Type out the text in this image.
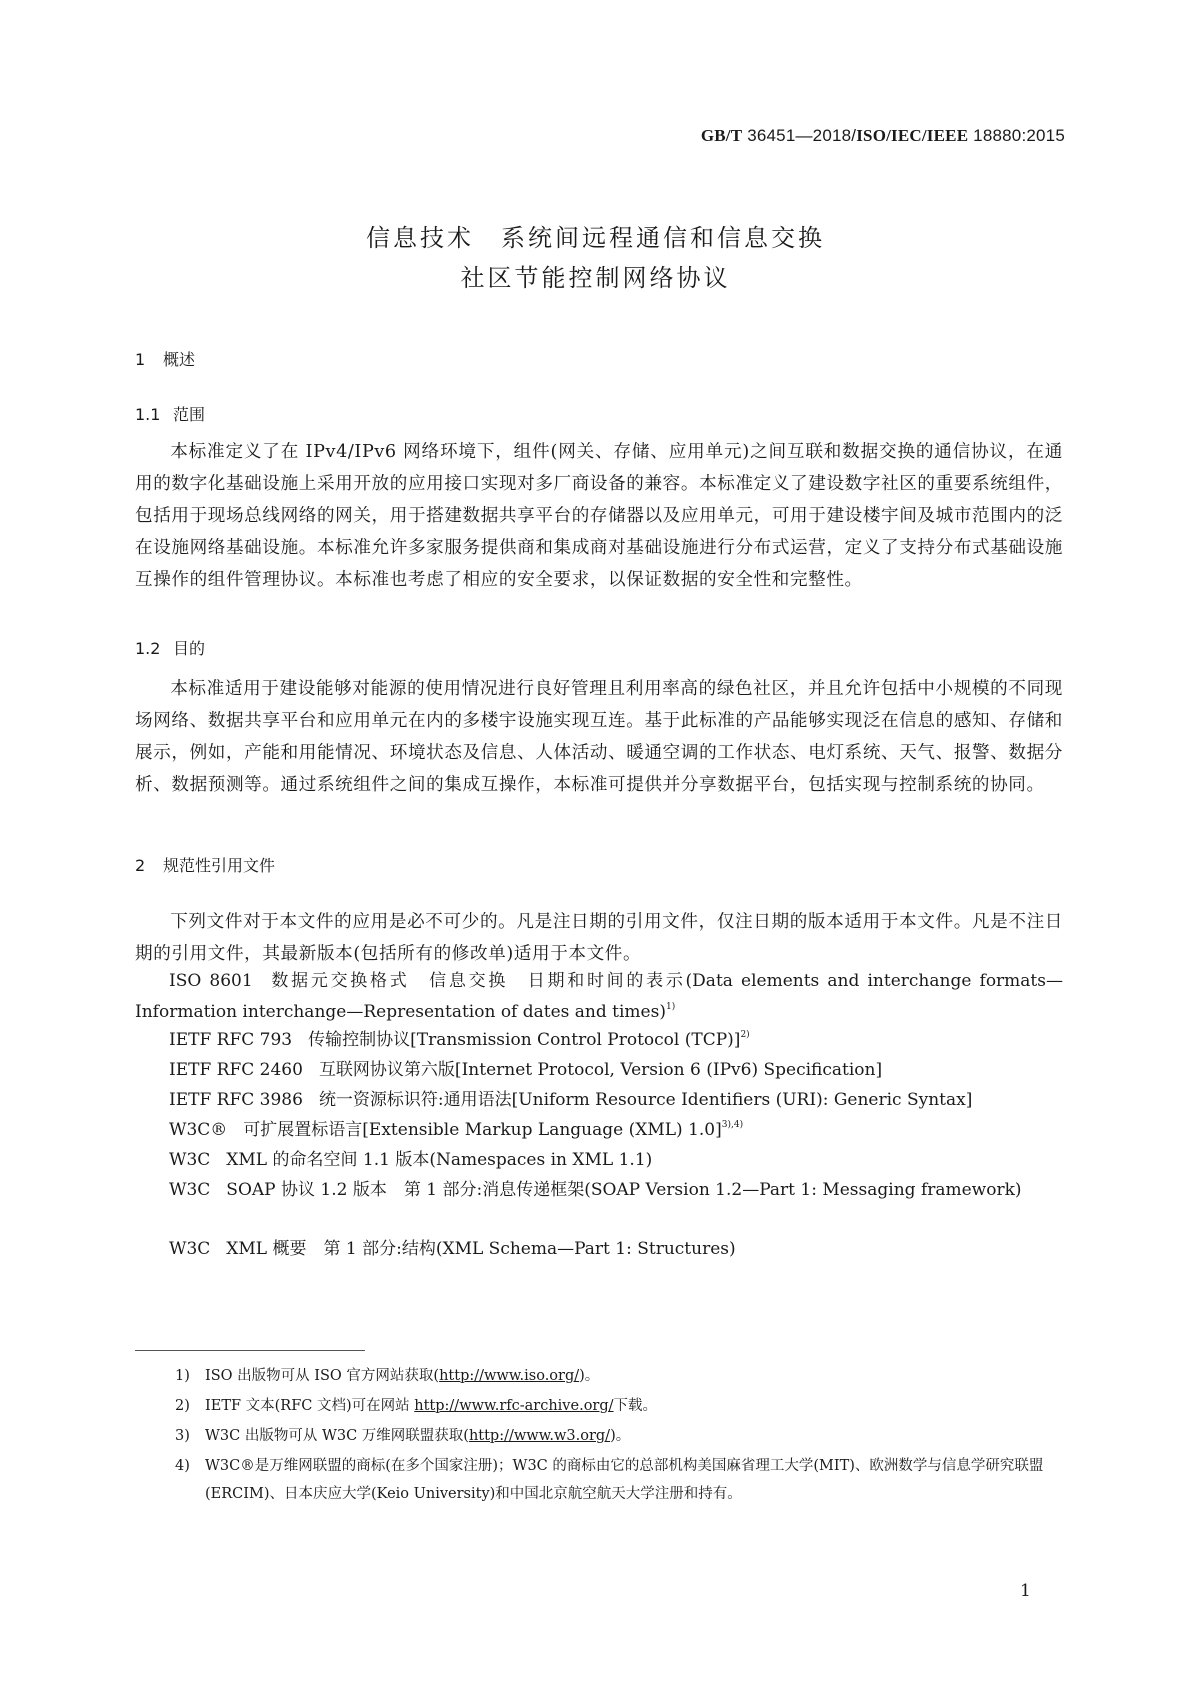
GB/T 36451—2018/ISO/IEC/IEEE 18880:2015
信息技术　系统间远程通信和信息交换
社区节能控制网络协议
1 概述
1.1 范围
本标准定义了在 IPv4/IPv6 网络环境下，组件(网关、存储、应用单元)之间互联和数据交换的通信协议，在通用的数字化基础设施上采用开放的应用接口实现对多厂商设备的兼容。本标准定义了建设数字社区的重要系统组件，包括用于现场总线网络的网关，用于搭建数据共享平台的存储器以及应用单元，可用于建设楼宇间及城市范围内的泛在设施网络基础设施。本标准允许多家服务提供商和集成商对基础设施进行分布式运营，定义了支持分布式基础设施互操作的组件管理协议。本标准也考虑了相应的安全要求，以保证数据的安全性和完整性。
1.2 目的
本标准适用于建设能够对能源的使用情况进行良好管理且利用率高的绿色社区，并且允许包括中小规模的不同现场网络、数据共享平台和应用单元在内的多楼宇设施实现互连。基于此标准的产品能够实现泛在信息的感知、存储和展示，例如，产能和用能情况、环境状态及信息、人体活动、暖通空调的工作状态、电灯系统、天气、报警、数据分析、数据预测等。通过系统组件之间的集成互操作，本标准可提供并分享数据平台，包括实现与控制系统的协同。
2 规范性引用文件
下列文件对于本文件的应用是必不可少的。凡是注日期的引用文件，仅注日期的版本适用于本文件。凡是不注日期的引用文件，其最新版本(包括所有的修改单)适用于本文件。
ISO 8601 数据元交换格式　信息交换　日期和时间的表示(Data elements and interchange formats—Information interchange—Representation of dates and times)$^{1)}$
IETF RFC 793 传输控制协议[Transmission Control Protocol (TCP)]$^{2)}$
IETF RFC 2460 互联网协议第六版[Internet Protocol, Version 6 (IPv6) Specification]
IETF RFC 3986 统一资源标识符:通用语法[Uniform Resource Identifiers (URI): Generic Syntax]
W3C® 可扩展置标语言[Extensible Markup Language (XML) 1.0]$^{3),4)}$
W3C XML 的命名空间 1.1 版本(Namespaces in XML 1.1)
W3C SOAP 协议 1.2 版本　第 1 部分:消息传递框架(SOAP Version 1.2—Part 1: Messaging framework)
W3C XML 概要　第 1 部分:结构(XML Schema—Part 1: Structures)
1)	ISO 出版物可从 ISO 官方网站获取(http://www.iso.org/)。
2)	IETF 文本(RFC 文档)可在网站 http://www.rfc-archive.org/下载。
3)	W3C 出版物可从 W3C 万维网联盟获取(http://www.w3.org/)。
4)	W3C®是万维网联盟的商标(在多个国家注册)；W3C 的商标由它的总部机构美国麻省理工大学(MIT)、欧洲数学与信息学研究联盟(ERCIM)、日本庆应大学(Keio University)和中国北京航空航天大学注册和持有。
1
